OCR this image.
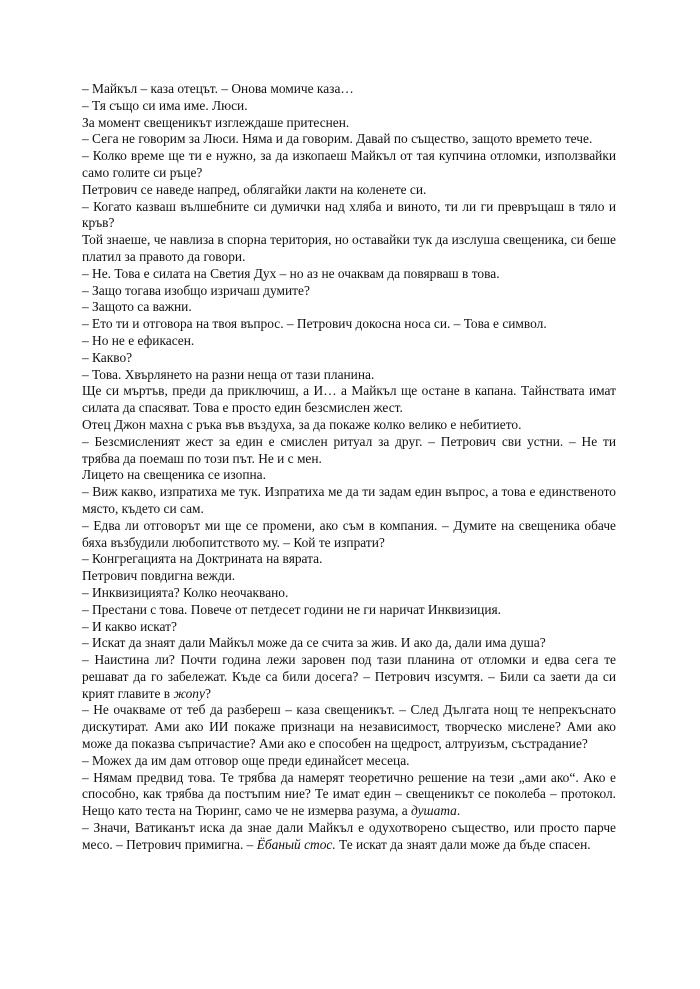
– Майкъл – каза отецът. – Онова момиче каза…

– Тя също си има име. Люси.

За момент свещеникът изглеждаше притеснен.

– Сега не говорим за Люси. Няма и да говорим. Давай по същество, защото времето тече.

– Колко време ще ти е нужно, за да изкопаеш Майкъл от тая купчина отломки, използвайки само голите си ръце?

Петрович се наведе напред, облягайки лакти на коленете си.

– Когато казваш вълшебните си думички над хляба и виното, ти ли ги превръщаш в тяло и кръв?

Той знаеше, че навлиза в спорна територия, но оставайки тук да изслуша свещеника, си беше платил за правото да говори.

– Не. Това е силата на Светия Дух – но аз не очаквам да повярваш в това.

– Защо тогава изобщо изричаш думите?

– Защото са важни.

– Ето ти и отговора на твоя въпрос. – Петрович докосна носа си. – Това е символ.

– Но не е ефикасен.

– Какво?

– Това. Хвърлянето на разни неща от тази планина.

Ще си мъртъв, преди да приключиш, а И… а Майкъл ще остане в капана. Тайнствата имат силата да спасяват. Това е просто един безсмислен жест.

Отец Джон махна с ръка във въздуха, за да покаже колко велико е небитието.

– Безсмисленият жест за един е смислен ритуал за друг. – Петрович сви устни. – Не ти трябва да поемаш по този път. Не и с мен.

Лицето на свещеника се изопна.

– Виж какво, изпратиха ме тук. Изпратиха ме да ти задам един въпрос, а това е единственото място, където си сам.

– Едва ли отговорът ми ще се промени, ако съм в компания. – Думите на свещеника обаче бяха възбудили любопитството му. – Кой те изпрати?

– Конгрегацията на Доктрината на вярата.

Петрович повдигна вежди.

– Инквизицията? Колко неочаквано.

– Престани с това. Повече от петдесет години не ги наричат Инквизиция.

– И какво искат?

– Искат да знаят дали Майкъл може да се счита за жив. И ако да, дали има душа?

– Наистина ли? Почти година лежи заровен под тази планина от отломки и едва сега те решават да го забележат. Къде са били досега? – Петрович изсумтя. – Били са заети да си крият главите в жопу?

– Не очакваме от теб да разбереш – каза свещеникът. – След Дългата нощ те непрекъснато дискутират. Ами ако ИИ покаже признаци на независимост, творческо мислене? Ами ако може да показва съпричастие? Ами ако е способен на щедрост, алтруизъм, състрадание?

– Можех да им дам отговор още преди единайсет месеца.

– Нямам предвид това. Те трябва да намерят теоретично решение на тези „ами ако“. Ако е способно, как трябва да постъпим ние? Те имат един – свещеникът се поколеба – протокол. Нещо като теста на Тюринг, само че не измерва разума, а душата.

– Значи, Ватиканът иска да знае дали Майкъл е одухотворено същество, или просто парче месо. – Петрович примигна. – Ёбаный стос. Те искат да знаят дали може да бъде спасен.
